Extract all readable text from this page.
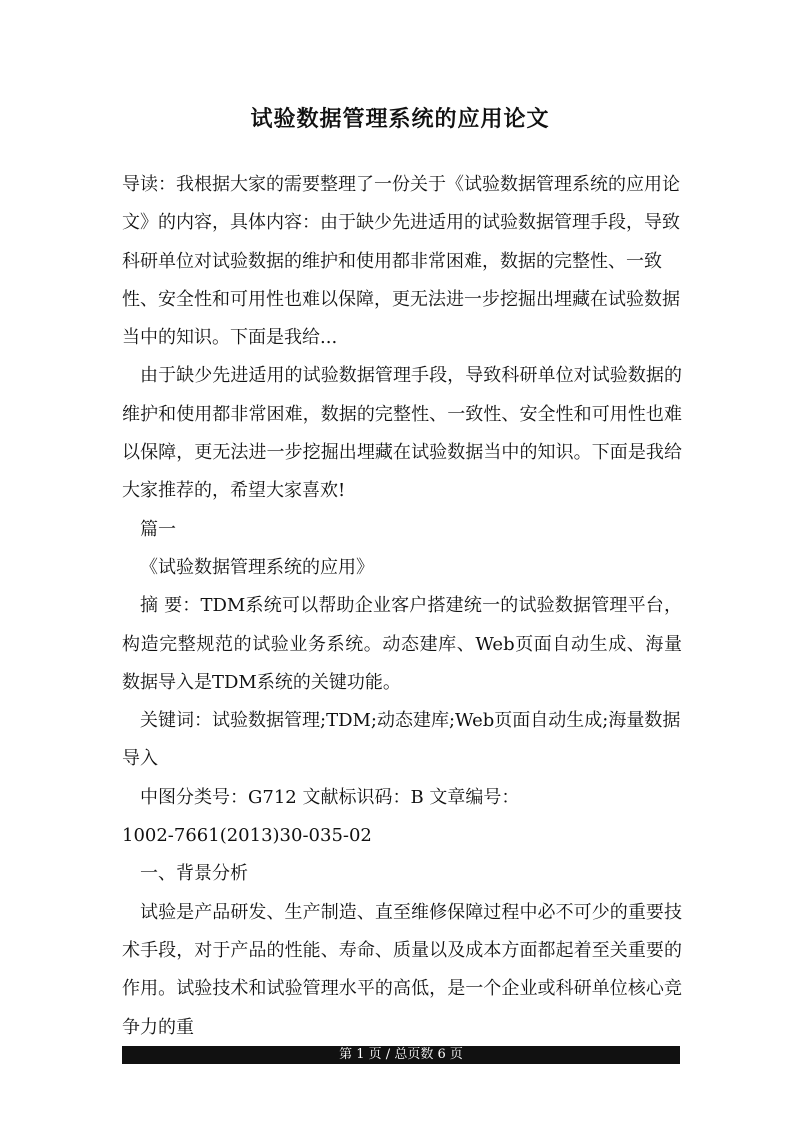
试验数据管理系统的应用论文

导读：我根据大家的需要整理了一份关于《试验数据管理系统的应用论文》的内容，具体内容：由于缺少先进适用的试验数据管理手段，导致科研单位对试验数据的维护和使用都非常困难，数据的完整性、一致性、安全性和可用性也难以保障，更无法进一步挖掘出埋藏在试验数据当中的知识。下面是我给...

由于缺少先进适用的试验数据管理手段，导致科研单位对试验数据的维护和使用都非常困难，数据的完整性、一致性、安全性和可用性也难以保障，更无法进一步挖掘出埋藏在试验数据当中的知识。下面是我给大家推荐的，希望大家喜欢!

篇一

《试验数据管理系统的应用》

摘 要：TDM系统可以帮助企业客户搭建统一的试验数据管理平台，构造完整规范的试验业务系统。动态建库、Web页面自动生成、海量数据导入是TDM系统的关键功能。

关键词：试验数据管理;TDM;动态建库;Web页面自动生成;海量数据导入

中图分类号：G712 文献标识码：B 文章编号：

1002-7661(2013)30-035-02

一、背景分析

试验是产品研发、生产制造、直至维修保障过程中必不可少的重要技术手段，对于产品的性能、寿命、质量以及成本方面都起着至关重要的作用。试验技术和试验管理水平的高低，是一个企业或科研单位核心竞争力的重

第 1 页 / 总页数 6 页
